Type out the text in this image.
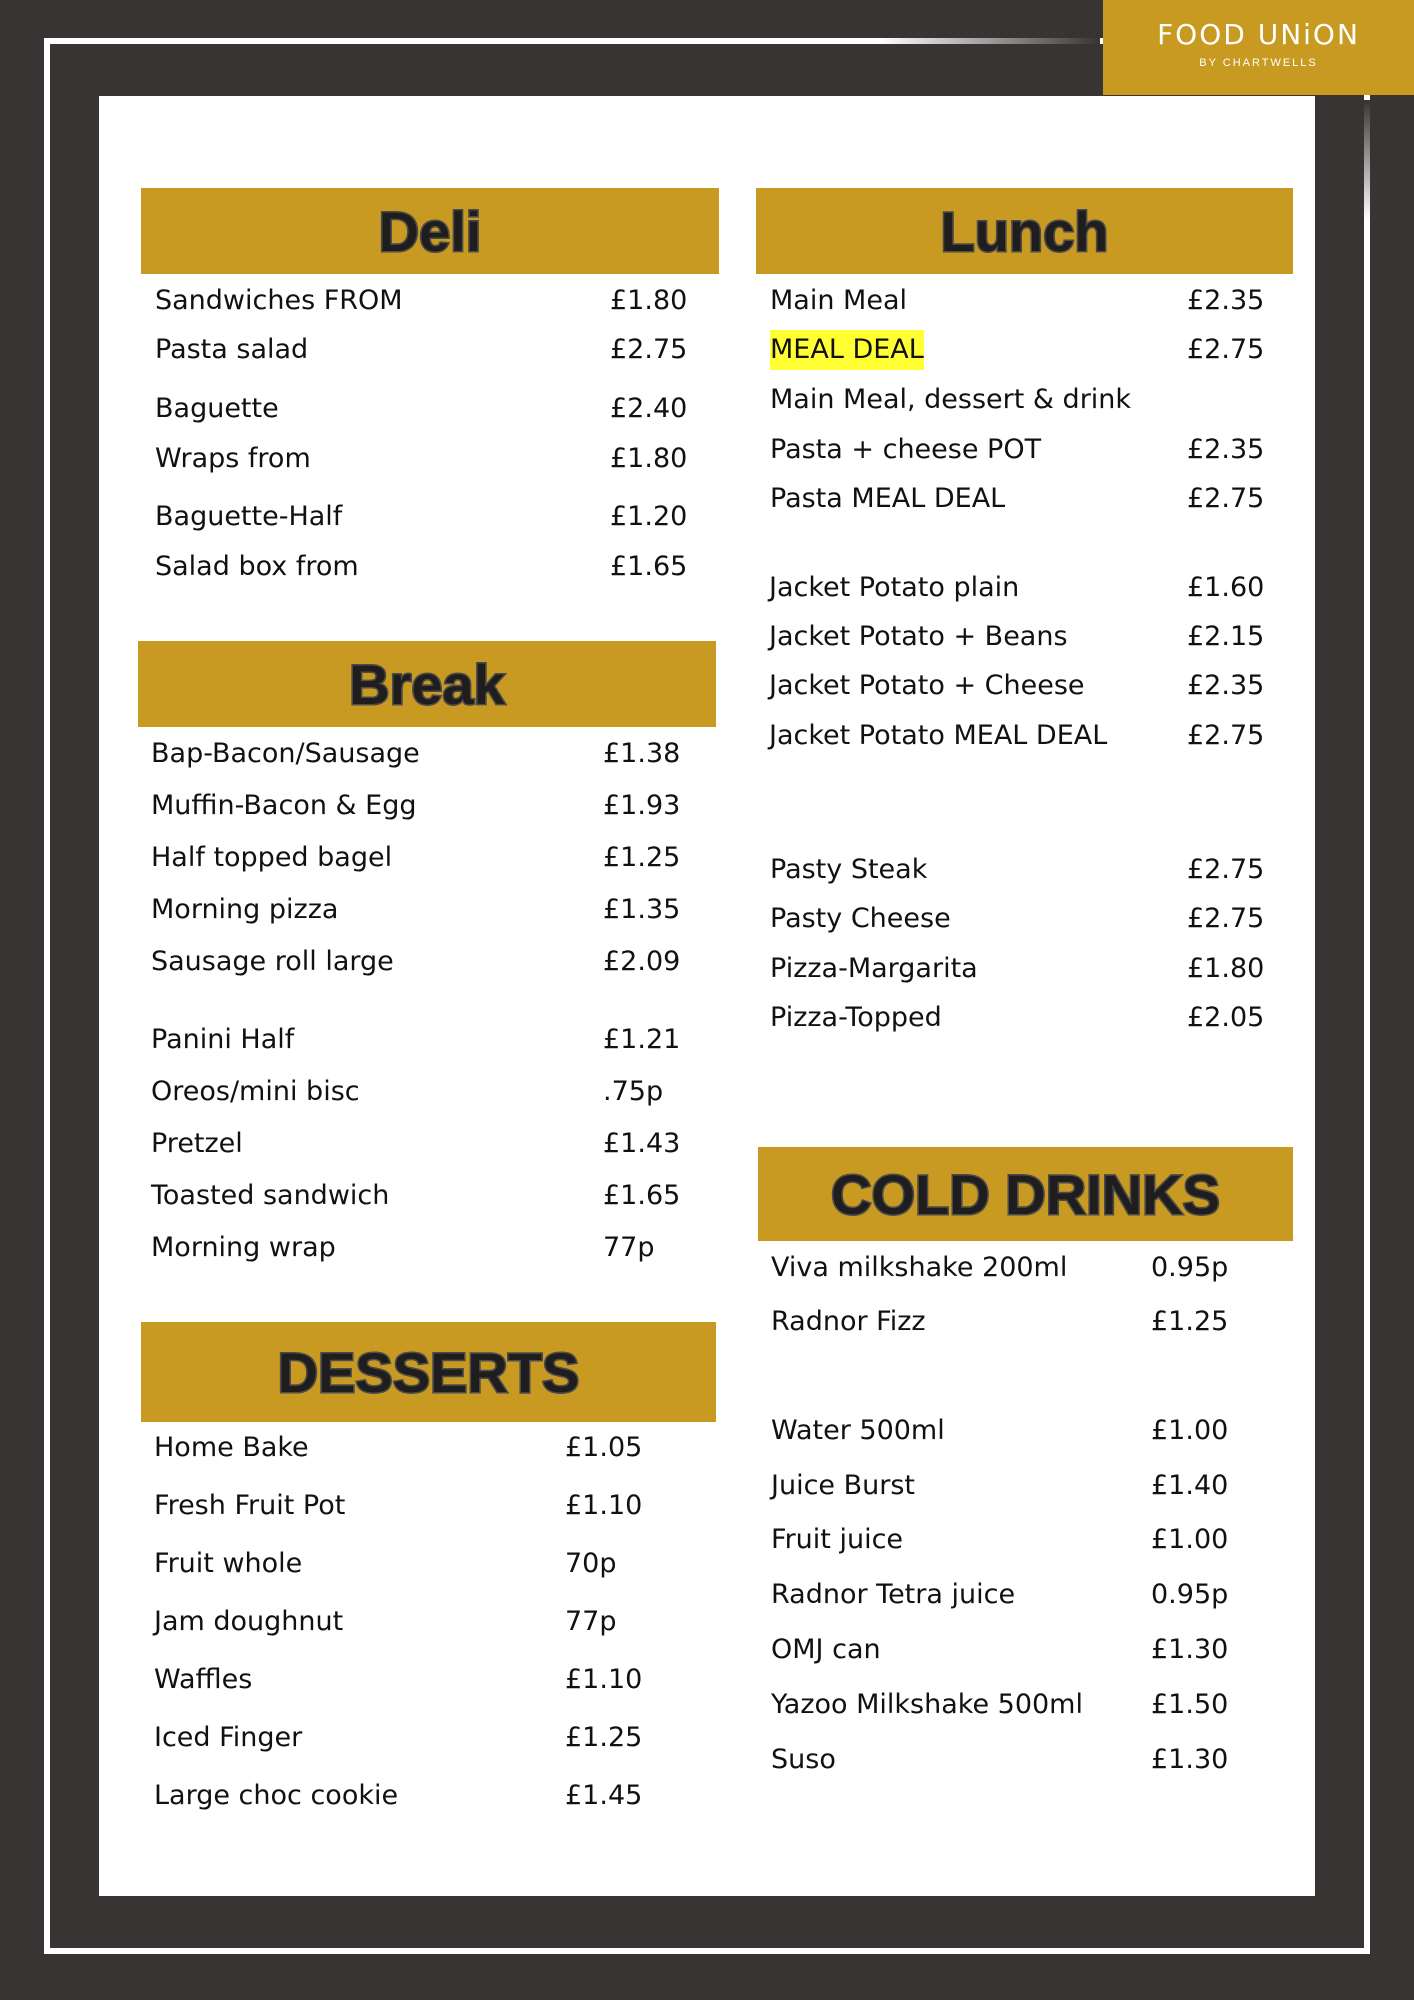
FOOD UNiON
BY CHARTWELLS
Deli
Sandwiches FROM	£1.80
Pasta salad	£2.75
Baguette	£2.40
Wraps from	£1.80
Baguette-Half	£1.20
Salad box from	£1.65
Break
Bap-Bacon/Sausage	£1.38
Muffin-Bacon & Egg	£1.93
Half topped bagel	£1.25
Morning pizza	£1.35
Sausage roll large	£2.09
Panini Half	£1.21
Oreos/mini bisc	.75p
Pretzel	£1.43
Toasted sandwich	£1.65
Morning wrap	77p
DESSERTS
Home Bake	£1.05
Fresh Fruit Pot	£1.10
Fruit whole	70p
Jam doughnut	77p
Waffles	£1.10
Iced Finger	£1.25
Large choc cookie	£1.45
Lunch
Main Meal	£2.35
MEAL DEAL	£2.75
Main Meal, dessert & drink
Pasta + cheese POT	£2.35
Pasta MEAL DEAL	£2.75
Jacket Potato plain	£1.60
Jacket Potato + Beans	£2.15
Jacket Potato + Cheese	£2.35
Jacket Potato MEAL DEAL	£2.75
Pasty Steak	£2.75
Pasty Cheese	£2.75
Pizza-Margarita	£1.80
Pizza-Topped	£2.05
COLD DRINKS
Viva milkshake 200ml	0.95p
Radnor Fizz	£1.25
Water 500ml	£1.00
Juice Burst	£1.40
Fruit juice	£1.00
Radnor Tetra juice	0.95p
OMJ can	£1.30
Yazoo Milkshake 500ml	£1.50
Suso	£1.30
